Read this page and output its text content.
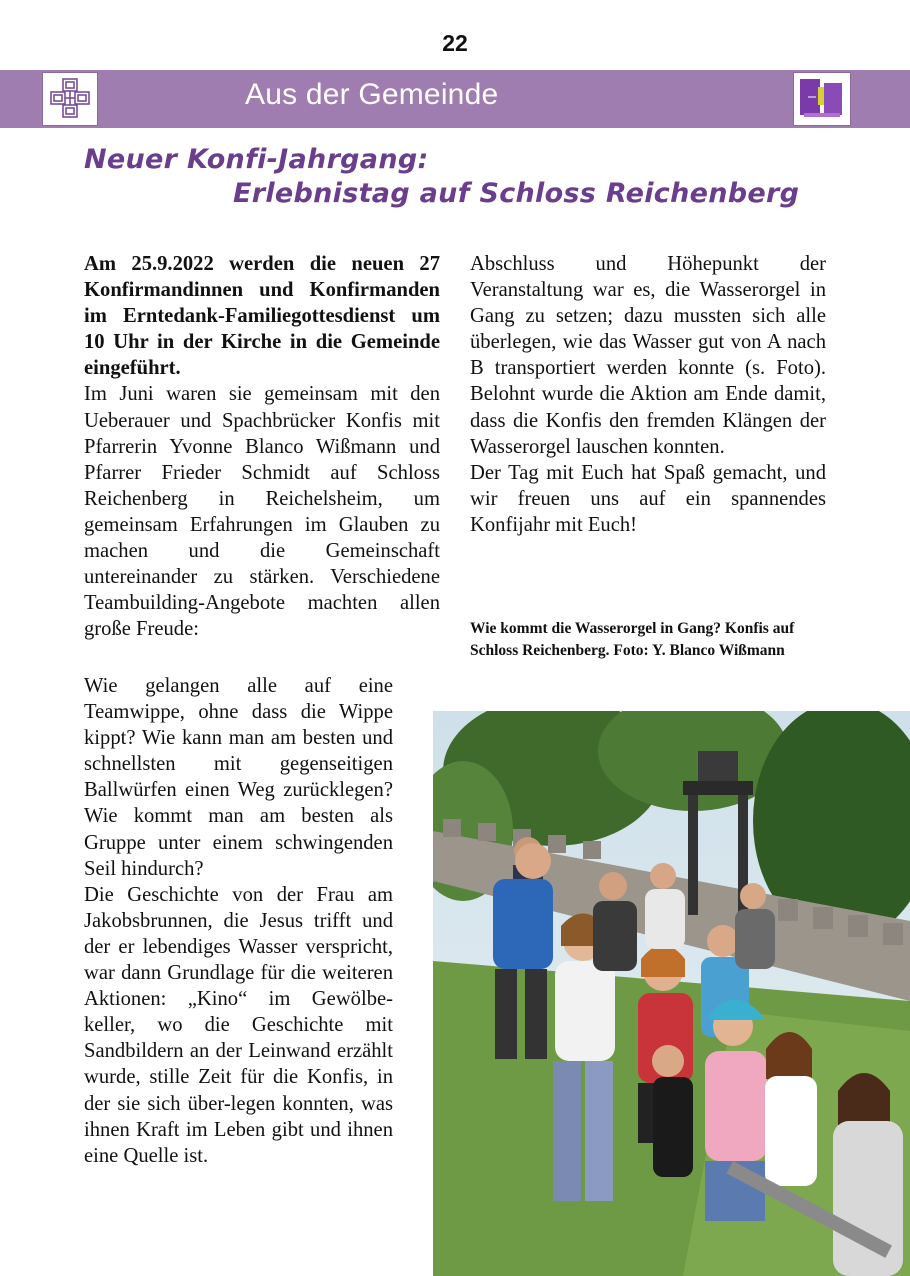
22
Aus der Gemeinde
Neuer Konfi-Jahrgang:
Erlebnistag auf Schloss Reichenberg

Am 25.9.2022 werden die neuen 27 Konfirmandinnen und Konfirmanden im Erntedank-Familiegottesdienst um 10 Uhr in der Kirche in die Gemeinde eingeführt.

Im Juni waren sie gemeinsam mit den Ueberauer und Spachbrücker Konfis mit Pfarrerin Yvonne Blanco Wißmann und Pfarrer Frieder Schmidt auf Schloss Reichenberg in Reichelsheim, um gemeinsam Erfahrungen im Glauben zu machen und die Gemeinschaft untereinander zu stärken. Verschiedene Teambuilding-Angebote machten allen große Freude:

Wie gelangen alle auf eine Teamwippe, ohne dass die Wippe kippt? Wie kann man am besten und schnellsten mit gegenseitigen Ballwürfen einen Weg zurücklegen? Wie kommt man am besten als Gruppe unter einem schwingenden Seil hindurch?

Die Geschichte von der Frau am Jakobsbrunnen, die Jesus trifft und der er lebendiges Wasser verspricht, war dann Grundlage für die weiteren Aktionen: „Kino“ im Gewölbe-keller, wo die Geschichte mit Sandbildern an der Leinwand erzählt wurde, stille Zeit für die Konfis, in der sie sich über-legen konnten, was ihnen Kraft im Leben gibt und ihnen eine Quelle ist.

Abschluss und Höhepunkt der Veranstaltung war es, die Wasserorgel in Gang zu setzen; dazu mussten sich alle überlegen, wie das Wasser gut von A nach B transportiert werden konnte (s. Foto). Belohnt wurde die Aktion am Ende damit, dass die Konfis den fremden Klängen der Wasserorgel lauschen konnten.

Der Tag mit Euch hat Spaß gemacht, und wir freuen uns auf ein spannendes Konfijahr mit Euch!

Wie kommt die Wasserorgel in Gang? Konfis auf Schloss Reichenberg. Foto: Y. Blanco Wißmann
